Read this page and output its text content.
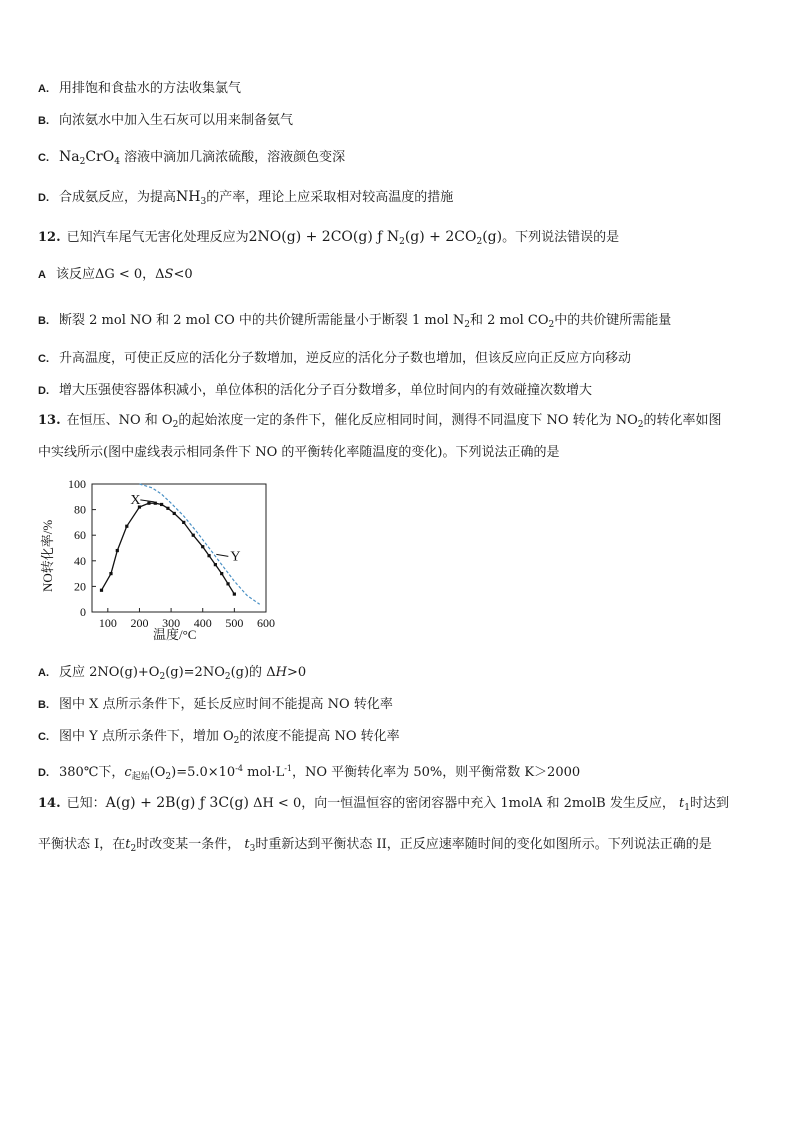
A. 用排饱和食盐水的方法收集氯气
B. 向浓氨水中加入生石灰可以用来制备氨气
C. $Na_2CrO_4$ 溶液中滴加几滴浓硫酸，溶液颜色变深
D. 合成氨反应，为提高$NH_3$的产率，理论上应采取相对较高温度的措施
12. 已知汽车尾气无害化处理反应为2NO(g) + 2CO(g) ƒ $N_2(g) + 2CO_2(g)$。下列说法错误的是
A 该反应ΔG < 0，ΔS<0
B. 断裂 2 mol NO 和 2 mol CO 中的共价键所需能量小于断裂 1 mol $N_2$和 2 mol $CO_2$中的共价键所需能量
C. 升高温度，可使正反应的活化分子数增加，逆反应的活化分子数也增加，但该反应向正反应方向移动
D. 增大压强使容器体积减小，单位体积的活化分子百分数增多，单位时间内的有效碰撞次数增大
13. 在恒压、NO 和 $O_2$的起始浓度一定的条件下，催化反应相同时间，测得不同温度下 NO 转化为 $NO_2$的转化率如图
中实线所示(图中虚线表示相同条件下 NO 的平衡转化率随温度的变化)。下列说法正确的是
0
20
40
60
80
100
100 200 300 400 500 600
X
Y
NO转化率/%
温度/°C
A. 反应 $2NO(g)+O_2(g)=2NO_2(g)$的 ΔH>0
B. 图中 X 点所示条件下，延长反应时间不能提高 NO 转化率
C. 图中 Y 点所示条件下，增加 $O_2$的浓度不能提高 NO 转化率
D. 380℃下，$c_{起始}(O_2)=5.0\times 10^{-4}$ $mol\cdot L^{-1}$，NO 平衡转化率为 50%，则平衡常数 K＞2000
14. 已知：A(g) + 2B(g) ƒ 3C(g) ΔH < 0，向一恒温恒容的密闭容器中充入 1molA 和 2molB 发生反应， $t_1$时达到
平衡状态 I，在$t_2$时改变某一条件， $t_3$时重新达到平衡状态 II，正反应速率随时间的变化如图所示。下列说法正确的是
